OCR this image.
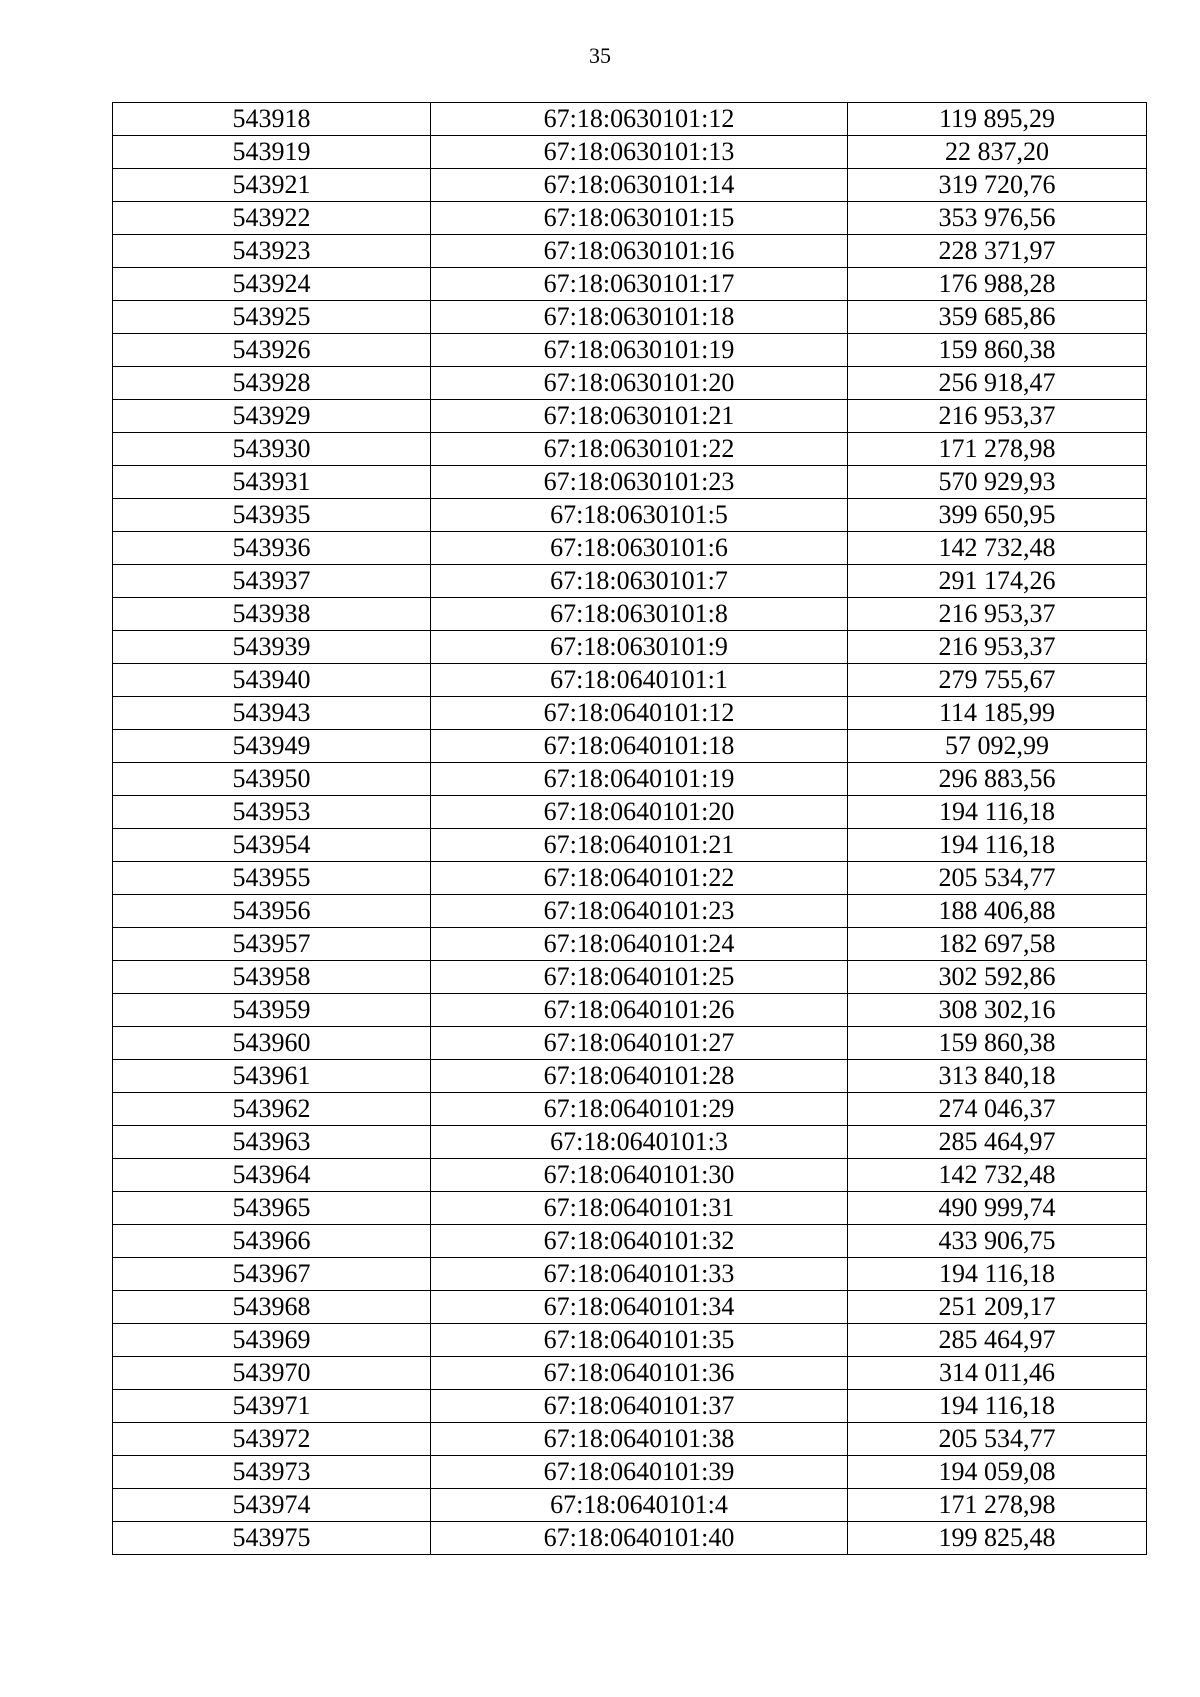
35
543918	67:18:0630101:12	119 895,29
543919	67:18:0630101:13	22 837,20
543921	67:18:0630101:14	319 720,76
543922	67:18:0630101:15	353 976,56
543923	67:18:0630101:16	228 371,97
543924	67:18:0630101:17	176 988,28
543925	67:18:0630101:18	359 685,86
543926	67:18:0630101:19	159 860,38
543928	67:18:0630101:20	256 918,47
543929	67:18:0630101:21	216 953,37
543930	67:18:0630101:22	171 278,98
543931	67:18:0630101:23	570 929,93
543935	67:18:0630101:5	399 650,95
543936	67:18:0630101:6	142 732,48
543937	67:18:0630101:7	291 174,26
543938	67:18:0630101:8	216 953,37
543939	67:18:0630101:9	216 953,37
543940	67:18:0640101:1	279 755,67
543943	67:18:0640101:12	114 185,99
543949	67:18:0640101:18	57 092,99
543950	67:18:0640101:19	296 883,56
543953	67:18:0640101:20	194 116,18
543954	67:18:0640101:21	194 116,18
543955	67:18:0640101:22	205 534,77
543956	67:18:0640101:23	188 406,88
543957	67:18:0640101:24	182 697,58
543958	67:18:0640101:25	302 592,86
543959	67:18:0640101:26	308 302,16
543960	67:18:0640101:27	159 860,38
543961	67:18:0640101:28	313 840,18
543962	67:18:0640101:29	274 046,37
543963	67:18:0640101:3	285 464,97
543964	67:18:0640101:30	142 732,48
543965	67:18:0640101:31	490 999,74
543966	67:18:0640101:32	433 906,75
543967	67:18:0640101:33	194 116,18
543968	67:18:0640101:34	251 209,17
543969	67:18:0640101:35	285 464,97
543970	67:18:0640101:36	314 011,46
543971	67:18:0640101:37	194 116,18
543972	67:18:0640101:38	205 534,77
543973	67:18:0640101:39	194 059,08
543974	67:18:0640101:4	171 278,98
543975	67:18:0640101:40	199 825,48
